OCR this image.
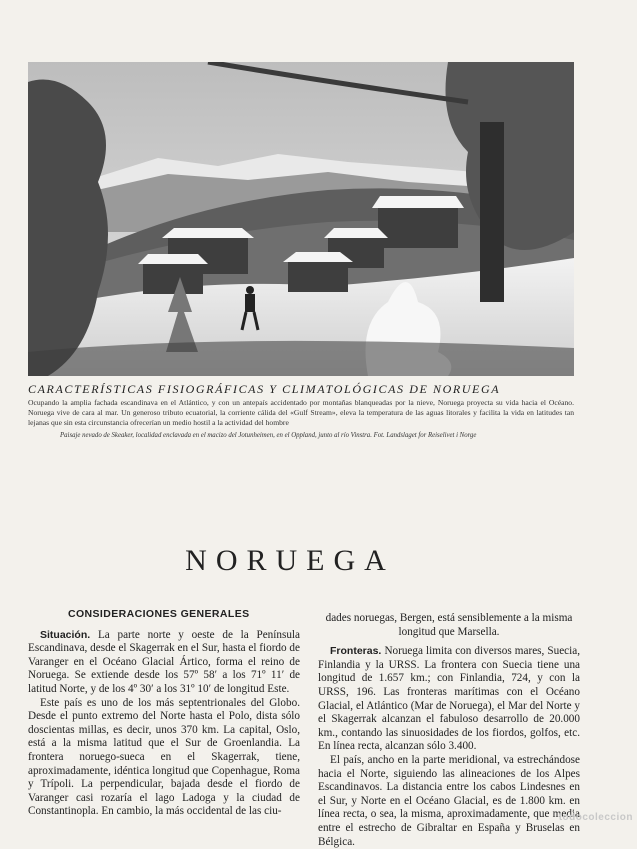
CARACTERÍSTICAS FISIOGRÁFICAS Y CLIMATOLÓGICAS DE NORUEGA
Ocupando la amplia fachada escandinava en el Atlántico, y con un antepaís accidentado por montañas blanqueadas por la nieve, Noruega proyecta su vida hacia el Océano. Noruega vive de cara al mar. Un generoso tributo ecuatorial, la corriente cálida del «Gulf Stream», eleva la temperatura de las aguas litorales y facilita la vida en latitudes tan lejanas que sin esta circunstancia ofrecerían un medio hostil a la actividad del hombre
Paisaje nevado de Skeaker, localidad enclavada en el macizo del Jotunheimen, en el Oppland, junto al río Vinstra. Fot. Landslaget for Reiselivet i Norge
NORUEGA
CONSIDERACIONES GENERALES

Situación. La parte norte y oeste de la Península Escandinava, desde el Skagerrak en el Sur, hasta el fiordo de Varanger en el Océano Glacial Ártico, forma el reino de Noruega. Se extiende desde los 57º 58′ a los 71º 11′ de latitud Norte, y de los 4º 30′ a los 31º 10′ de longitud Este.

Este país es uno de los más septentrionales del Globo. Desde el punto extremo del Norte hasta el Polo, dista sólo doscientas millas, es decir, unos 370 km. La capital, Oslo, está a la misma latitud que el Sur de Groenlandia. La frontera noruego-sueca en el Skagerrak, tiene, aproximadamente, idéntica longitud que Copenhague, Roma y Trípoli. La perpendicular, bajada desde el fiordo de Varanger casi rozaría el lago Ladoga y la ciudad de Constantinopla. En cambio, la más occidental de las ciu-

dades noruegas, Bergen, está sensiblemente a la misma longitud que Marsella.

Fronteras. Noruega limita con diversos mares, Suecia, Finlandia y la URSS. La frontera con Suecia tiene una longitud de 1.657 km.; con Finlandia, 724, y con la URSS, 196. Las fronteras marítimas con el Océano Glacial, el Atlántico (Mar de Noruega), el Mar del Norte y el Skagerrak alcanzan el fabuloso desarrollo de 20.000 km., contando las sinuosidades de los fiordos, golfos, etc. En línea recta, alcanzan sólo 3.400.

El país, ancho en la parte meridional, va estrechándose hacia el Norte, siguiendo las alineaciones de los Alpes Escandinavos. La distancia entre los cabos Lindesnes en el Sur, y Norte en el Océano Glacial, es de 1.800 km. en línea recta, o sea, la misma, aproximadamente, que media entre el estrecho de Gibraltar en España y Bruselas en Bélgica.

todocoleccion
